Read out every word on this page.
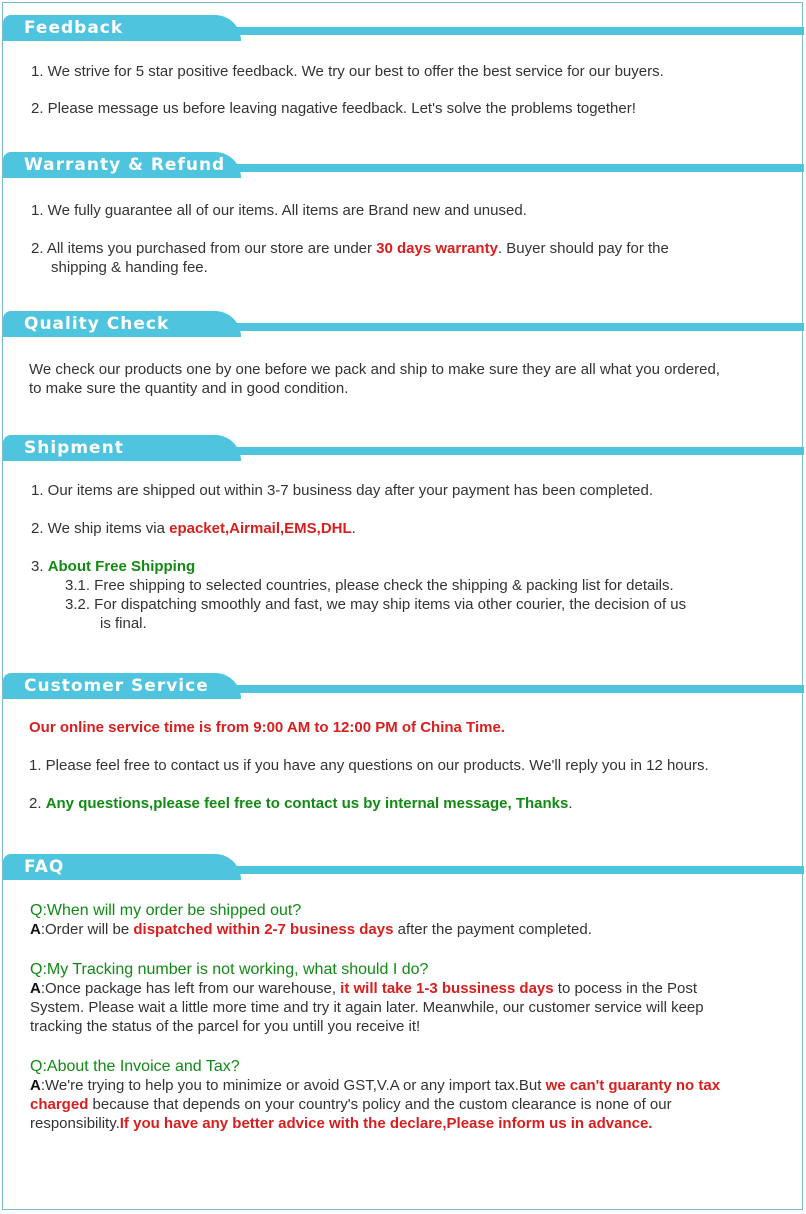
Feedback
1. We strive for 5 star positive feedback. We try our best to offer the best service for our buyers.
2. Please message us before leaving nagative feedback. Let's solve the problems together!
Warranty & Refund
1. We fully guarantee all of our items. All items are Brand new and unused.
2. All items you purchased from our store are under 30 days warranty. Buyer should pay for the
shipping & handing fee.
Quality Check
We check our products one by one before we pack and ship to make sure they are all what you ordered,
to make sure the quantity and in good condition.
Shipment
1. Our items are shipped out within 3-7 business day after your payment has been completed.
2. We ship items via epacket,Airmail,EMS,DHL.
3. About Free Shipping
3.1. Free shipping to selected countries, please check the shipping & packing list for details.
3.2. For dispatching smoothly and fast, we may ship items via other courier, the decision of us
is final.
Customer Service
Our online service time is from 9:00 AM to 12:00 PM of China Time.
1. Please feel free to contact us if you have any questions on our products. We'll reply you in 12 hours.
2. Any questions,please feel free to contact us by internal message, Thanks.
FAQ
Q:When will my order be shipped out?
A:Order will be dispatched within 2-7 business days after the payment completed.
Q:My Tracking number is not working, what should I do?
A:Once package has left from our warehouse, it will take 1-3 bussiness days to pocess in the Post
System. Please wait a little more time and try it again later. Meanwhile, our customer service will keep
tracking the status of the parcel for you untill you receive it!
Q:About the Invoice and Tax?
A:We're trying to help you to minimize or avoid GST,V.A or any import tax.But we can't guaranty no tax
charged because that depends on your country's policy and the custom clearance is none of our
responsibility.If you have any better advice with the declare,Please inform us in advance.
